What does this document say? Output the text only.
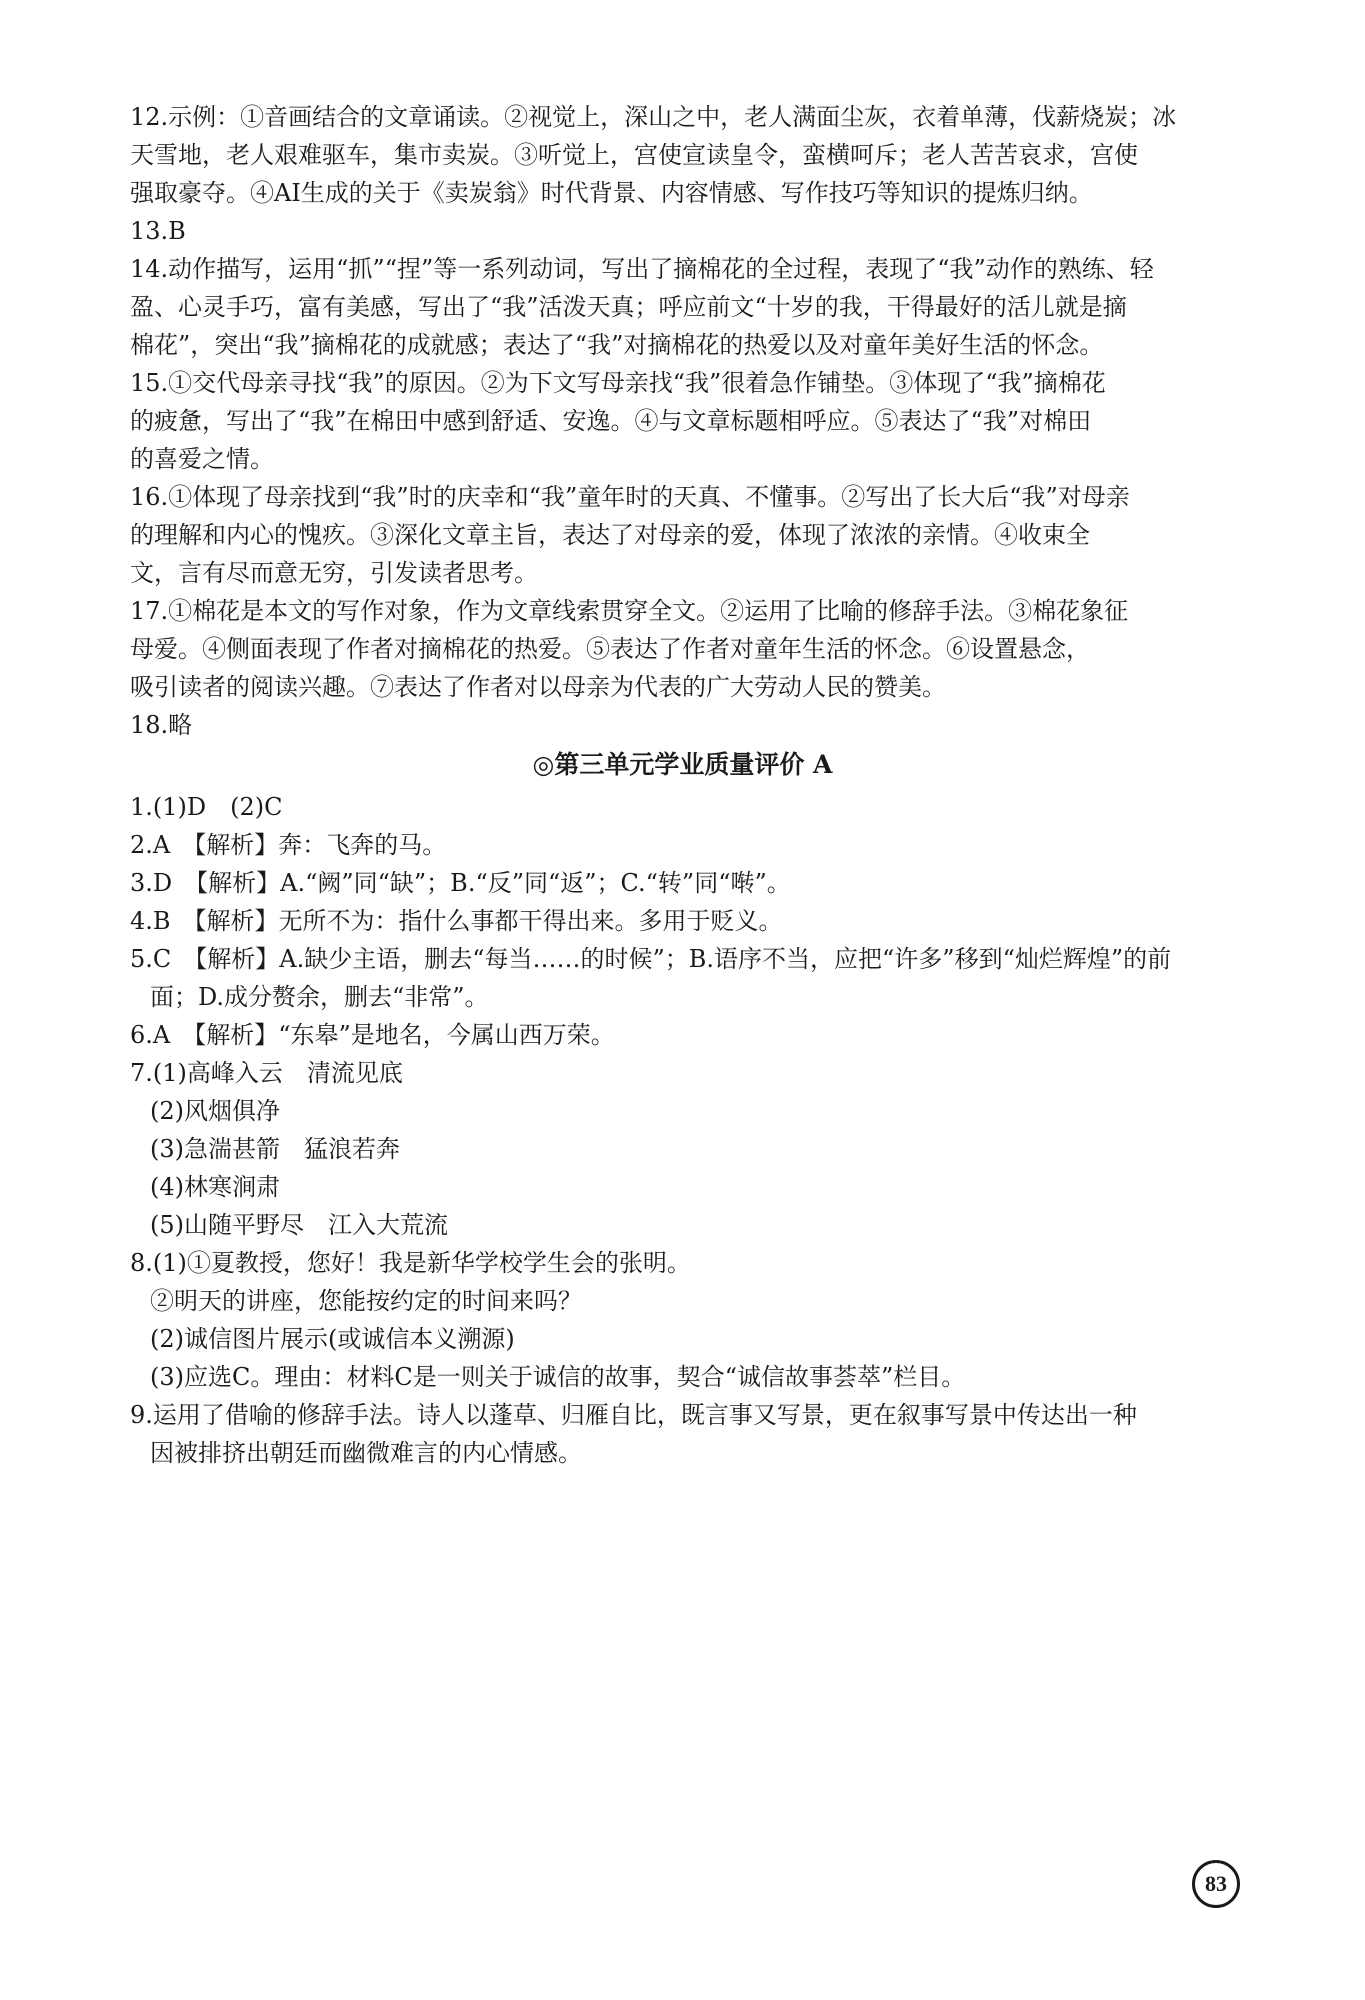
12.示例：①音画结合的文章诵读。②视觉上，深山之中，老人满面尘灰，衣着单薄，伐薪烧炭；冰
天雪地，老人艰难驱车，集市卖炭。③听觉上，宫使宣读皇令，蛮横呵斥；老人苦苦哀求，宫使
强取豪夺。④AI生成的关于《卖炭翁》时代背景、内容情感、写作技巧等知识的提炼归纳。
13.B
14.动作描写，运用“抓”“捏”等一系列动词，写出了摘棉花的全过程，表现了“我”动作的熟练、轻
盈、心灵手巧，富有美感，写出了“我”活泼天真；呼应前文“十岁的我，干得最好的活儿就是摘
棉花”，突出“我”摘棉花的成就感；表达了“我”对摘棉花的热爱以及对童年美好生活的怀念。
15.①交代母亲寻找“我”的原因。②为下文写母亲找“我”很着急作铺垫。③体现了“我”摘棉花
的疲惫，写出了“我”在棉田中感到舒适、安逸。④与文章标题相呼应。⑤表达了“我”对棉田
的喜爱之情。
16.①体现了母亲找到“我”时的庆幸和“我”童年时的天真、不懂事。②写出了长大后“我”对母亲
的理解和内心的愧疚。③深化文章主旨，表达了对母亲的爱，体现了浓浓的亲情。④收束全
文，言有尽而意无穷，引发读者思考。
17.①棉花是本文的写作对象，作为文章线索贯穿全文。②运用了比喻的修辞手法。③棉花象征
母爱。④侧面表现了作者对摘棉花的热爱。⑤表达了作者对童年生活的怀念。⑥设置悬念，
吸引读者的阅读兴趣。⑦表达了作者对以母亲为代表的广大劳动人民的赞美。
18.略
◎第三单元学业质量评价 A
1.(1)D　(2)C
2.A　【解析】奔：飞奔的马。
3.D　【解析】A.“阙”同“缺”；B.“反”同“返”；C.“转”同“啭”。
4.B　【解析】无所不为：指什么事都干得出来。多用于贬义。
5.C　【解析】A.缺少主语，删去“每当……的时候”；B.语序不当，应把“许多”移到“灿烂辉煌”的前
面；D.成分赘余，删去“非常”。
6.A　【解析】“东皋”是地名，今属山西万荣。
7.(1)高峰入云　清流见底
(2)风烟俱净
(3)急湍甚箭　猛浪若奔
(4)林寒涧肃
(5)山随平野尽　江入大荒流
8.(1)①夏教授，您好！我是新华学校学生会的张明。
②明天的讲座，您能按约定的时间来吗？
(2)诚信图片展示(或诚信本义溯源)
(3)应选C。理由：材料C是一则关于诚信的故事，契合“诚信故事荟萃”栏目。
9.运用了借喻的修辞手法。诗人以蓬草、归雁自比，既言事又写景，更在叙事写景中传达出一种
因被排挤出朝廷而幽微难言的内心情感。
83
